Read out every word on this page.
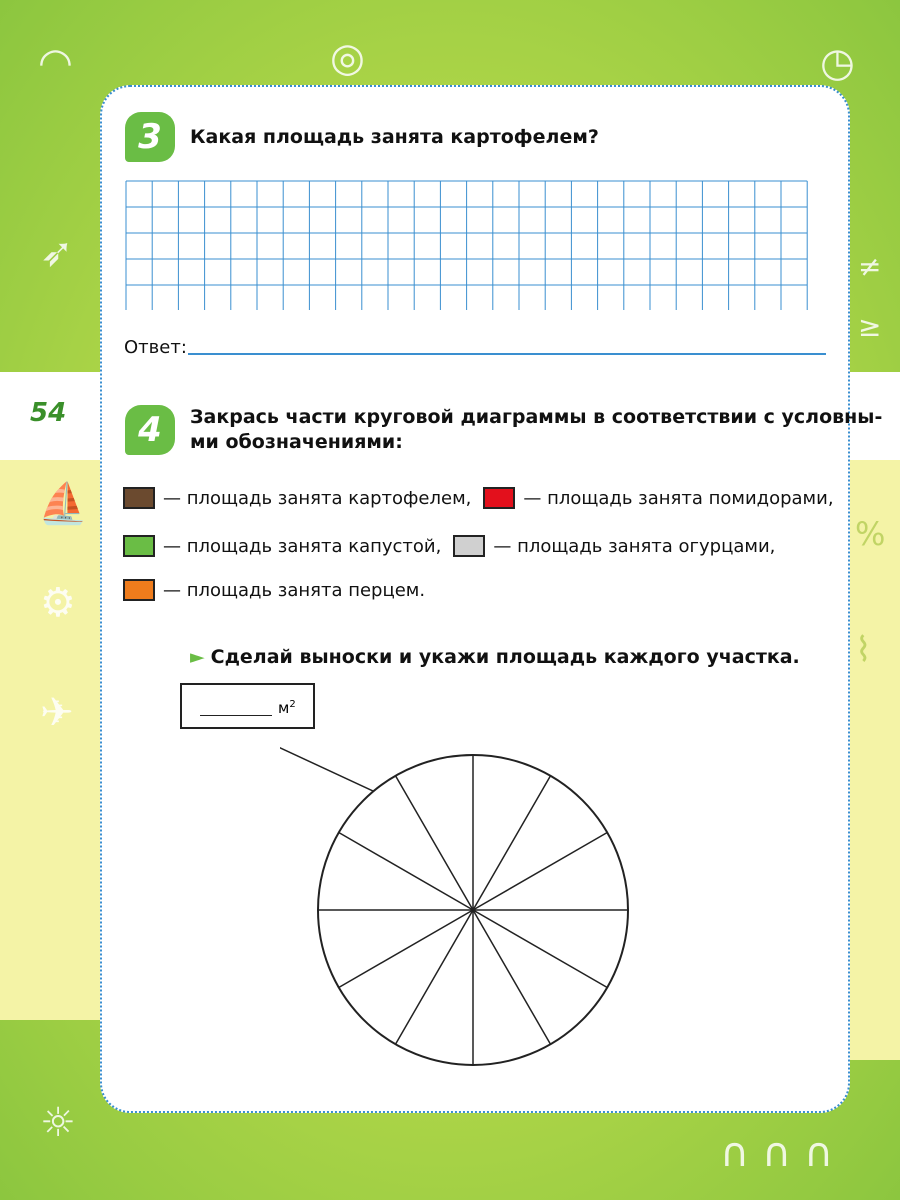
◠	◎	◷
➶
⛵
⚙
✈
☼
≠
≥
%
⌇
∩ ∩ ∩
54
3	Какая площадь занята картофелем?
Ответ:
4	Закрась части круговой диаграммы в соответствии с условны-
ми обозначениями:
— площадь занята картофелем,	— площадь занята помидорами,
— площадь занята капустой,	— площадь занята огурцами,
— площадь занята перцем.
► Сделай выноски и укажи площадь каждого участка.
$м^2$
